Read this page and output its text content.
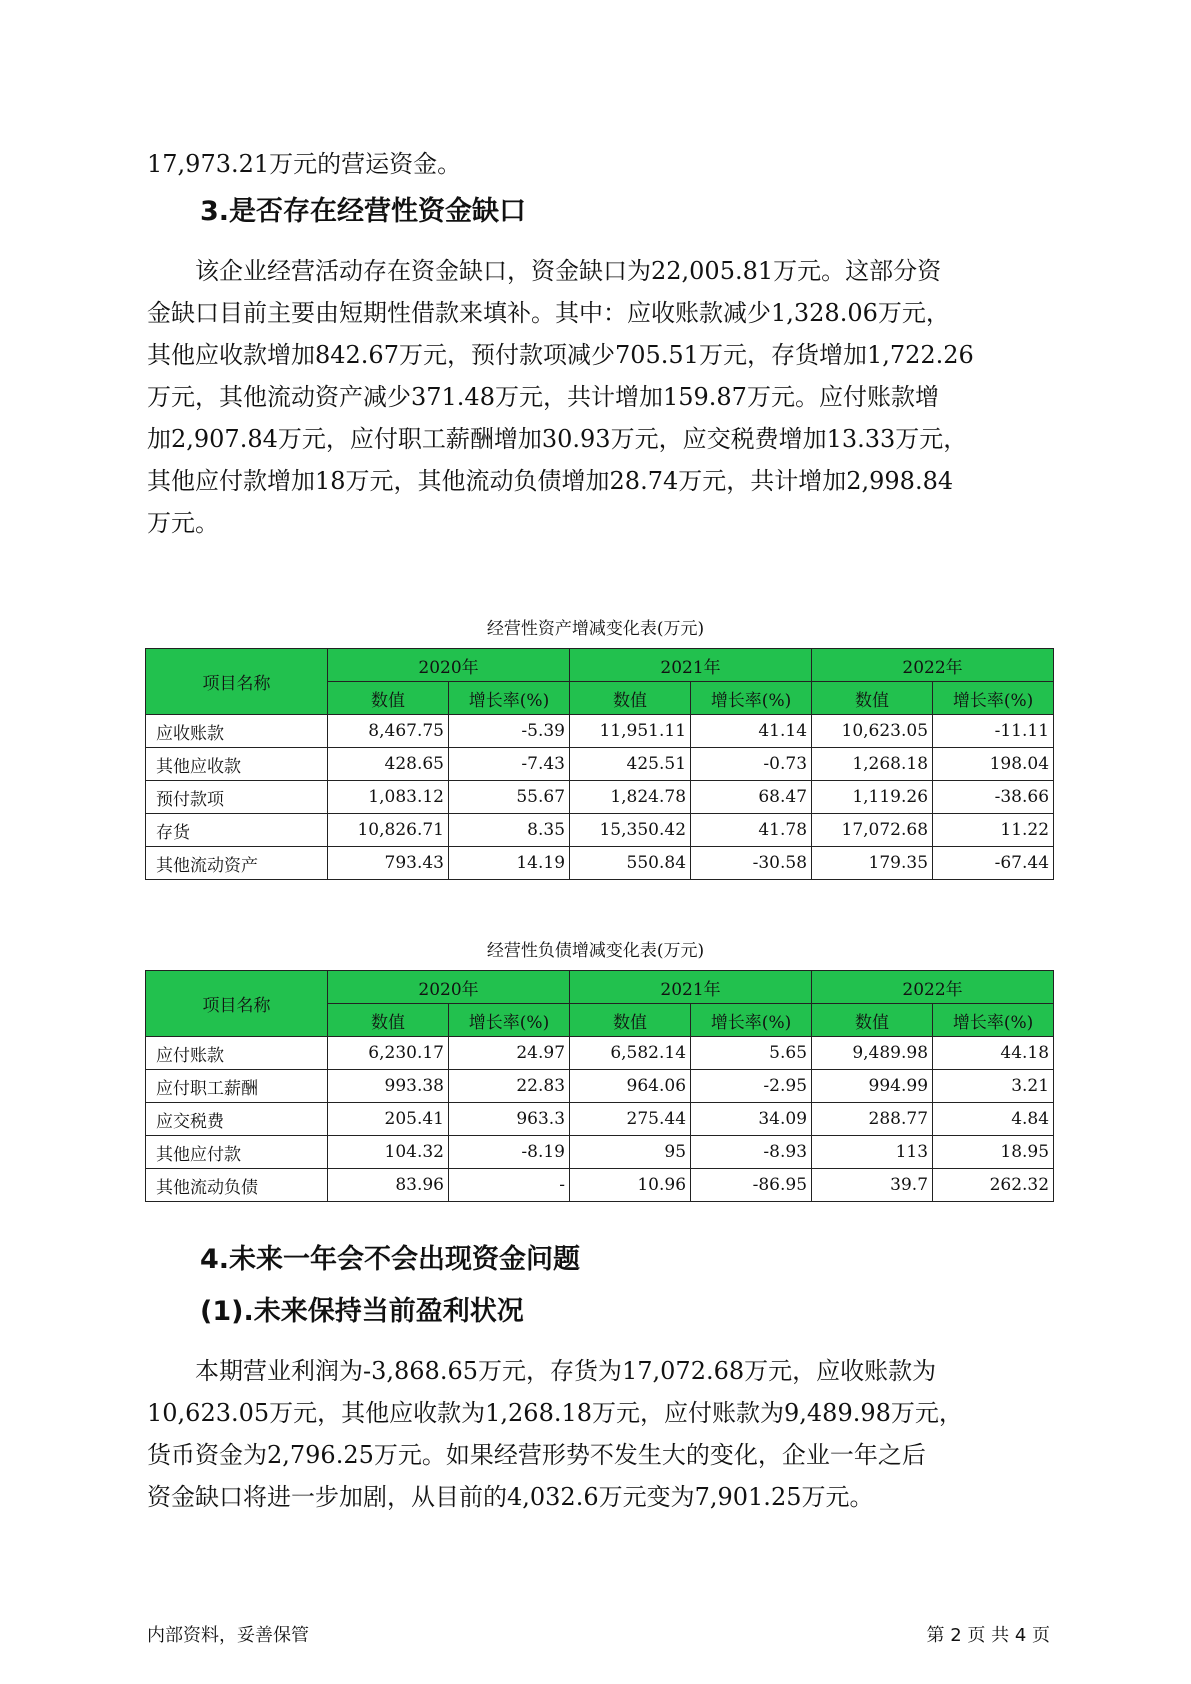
17,973.21万元的营运资金。
3.是否存在经营性资金缺口
该企业经营活动存在资金缺口，资金缺口为22,005.81万元。这部分资
金缺口目前主要由短期性借款来填补。其中：应收账款减少1,328.06万元，
其他应收款增加842.67万元，预付款项减少705.51万元，存货增加1,722.26
万元，其他流动资产减少371.48万元，共计增加159.87万元。应付账款增
加2,907.84万元，应付职工薪酬增加30.93万元，应交税费增加13.33万元，
其他应付款增加18万元，其他流动负债增加28.74万元，共计增加2,998.84
万元。
经营性资产增减变化表(万元)
项目名称	2020年		2021年		2022年	
	数值	增长率(%)	数值	增长率(%)	数值	增长率(%)
应收账款	8,467.75	-5.39	11,951.11	41.14	10,623.05	-11.11
其他应收款	428.65	-7.43	425.51	-0.73	1,268.18	198.04
预付款项	1,083.12	55.67	1,824.78	68.47	1,119.26	-38.66
存货	10,826.71	8.35	15,350.42	41.78	17,072.68	11.22
其他流动资产	793.43	14.19	550.84	-30.58	179.35	-67.44
经营性负债增减变化表(万元)
项目名称	2020年		2021年		2022年	
	数值	增长率(%)	数值	增长率(%)	数值	增长率(%)
应付账款	6,230.17	24.97	6,582.14	5.65	9,489.98	44.18
应付职工薪酬	993.38	22.83	964.06	-2.95	994.99	3.21
应交税费	205.41	963.3	275.44	34.09	288.77	4.84
其他应付款	104.32	-8.19	95	-8.93	113	18.95
其他流动负债	83.96	-	10.96	-86.95	39.7	262.32
4.未来一年会不会出现资金问题
(1).未来保持当前盈利状况
本期营业利润为-3,868.65万元，存货为17,072.68万元，应收账款为
10,623.05万元，其他应收款为1,268.18万元，应付账款为9,489.98万元，
货币资金为2,796.25万元。如果经营形势不发生大的变化，企业一年之后
资金缺口将进一步加剧，从目前的4,032.6万元变为7,901.25万元。
内部资料，妥善保管	第 2 页 共 4 页
